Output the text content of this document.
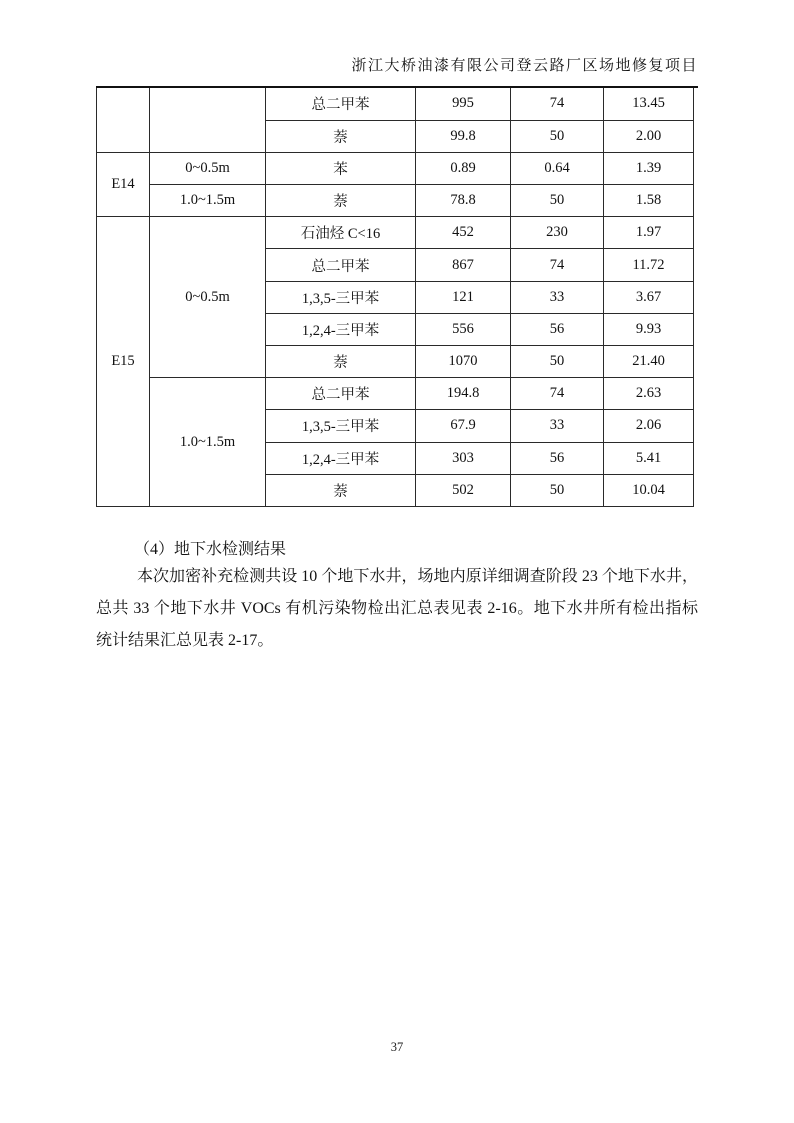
浙江大桥油漆有限公司登云路厂区场地修复项目
		总二甲苯	995	74	13.45
		萘	99.8	50	2.00
E14	0~0.5m	苯	0.89	0.64	1.39
	1.0~1.5m	萘	78.8	50	1.58
E15	0~0.5m	石油烃 C<16	452	230	1.97
		总二甲苯	867	74	11.72
		1,3,5-三甲苯	121	33	3.67
		1,2,4-三甲苯	556	56	9.93
		萘	1070	50	21.40
	1.0~1.5m	总二甲苯	194.8	74	2.63
		1,3,5-三甲苯	67.9	33	2.06
		1,2,4-三甲苯	303	56	5.41
		萘	502	50	10.04
（4）地下水检测结果
本次加密补充检测共设 10 个地下水井，场地内原详细调查阶段 23 个地下水井，
总共 33 个地下水井 VOCs 有机污染物检出汇总表见表 2-16。地下水井所有检出指标
统计结果汇总见表 2-17。
37
